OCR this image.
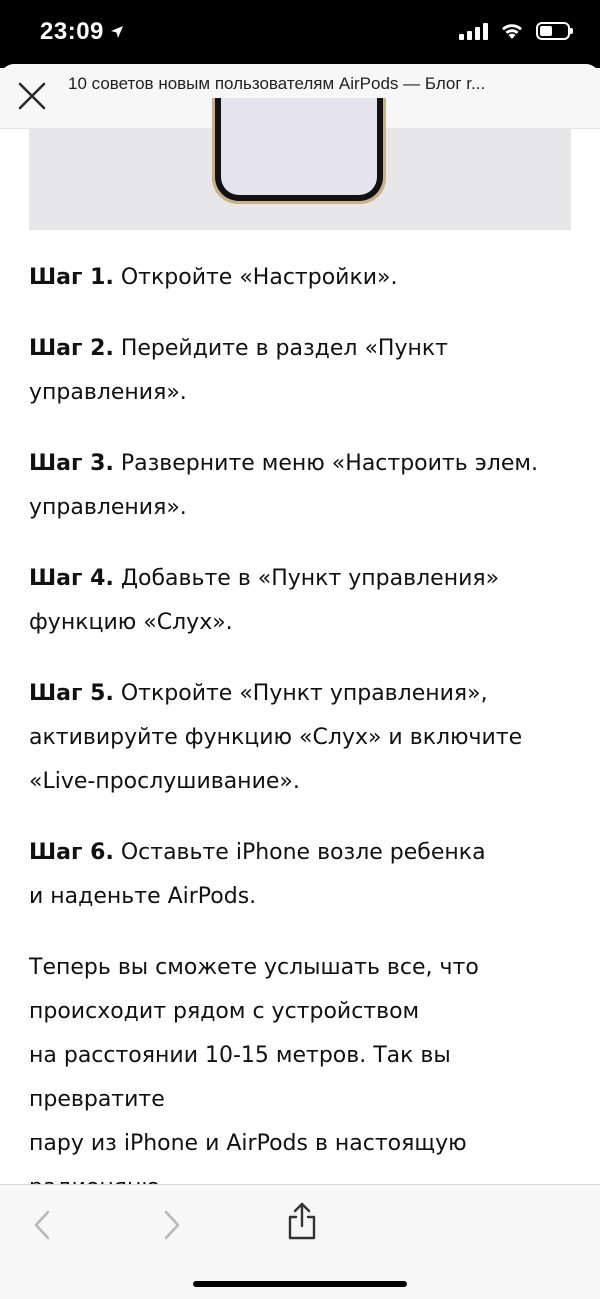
23:09
10 советов новым пользователям AirPods — Блог r...
Шаг 1. Откройте «Настройки».
Шаг 2. Перейдите в раздел «Пункт
управления».
Шаг 3. Разверните меню «Настроить элем.
управления».
Шаг 4. Добавьте в «Пункт управления»
функцию «Слух».
Шаг 5. Откройте «Пункт управления»,
активируйте функцию «Слух» и включите
«Live-прослушивание».
Шаг 6. Оставьте iPhone возле ребенка
и наденьте AirPods.

Теперь вы сможете услышать все, что
происходит рядом с устройством
на расстоянии 10-15 метров. Так вы превратите
пару из iPhone и AirPods в настоящую
